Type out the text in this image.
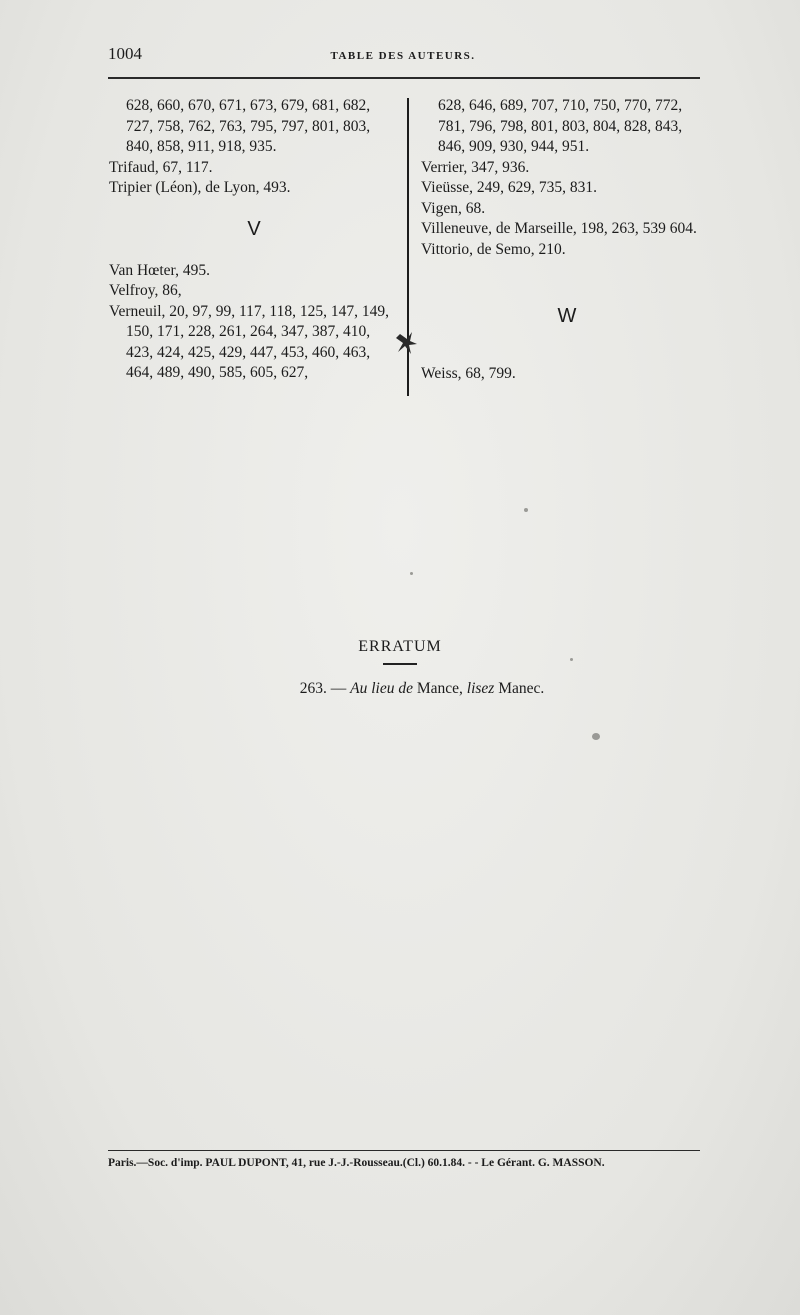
1004	TABLE DES AUTEURS.
628, 660, 670, 671, 673, 679, 681, 682, 727, 758, 762, 763, 795, 797, 801, 803, 840, 858, 911, 918, 935.
Trifaud, 67, 117.
Tripier (Léon), de Lyon, 493.
V
Van Hœter, 495.
Velfroy, 86,
Verneuil, 20, 97, 99, 117, 118, 125, 147, 149, 150, 171, 228, 261, 264, 347, 387, 410, 423, 424, 425, 429, 447, 453, 460, 463, 464, 489, 490, 585, 605, 627,
628, 646, 689, 707, 710, 750, 770, 772, 781, 796, 798, 801, 803, 804, 828, 843, 846, 909, 930, 944, 951.
Verrier, 347, 936.
Vieüsse, 249, 629, 735, 831.
Vigen, 68.
Villeneuve, de Marseille, 198, 263, 539 604.
Vittorio, de Semo, 210.
W
Weiss, 68, 799.
ERRATUM
263. — Au lieu de Mance, lisez Manec.
Paris.—Soc. d'imp. PAUL DUPONT, 41, rue J.-J.-Rousseau.(Cl.) 60.1.84. - - Le Gérant. G. MASSON.
